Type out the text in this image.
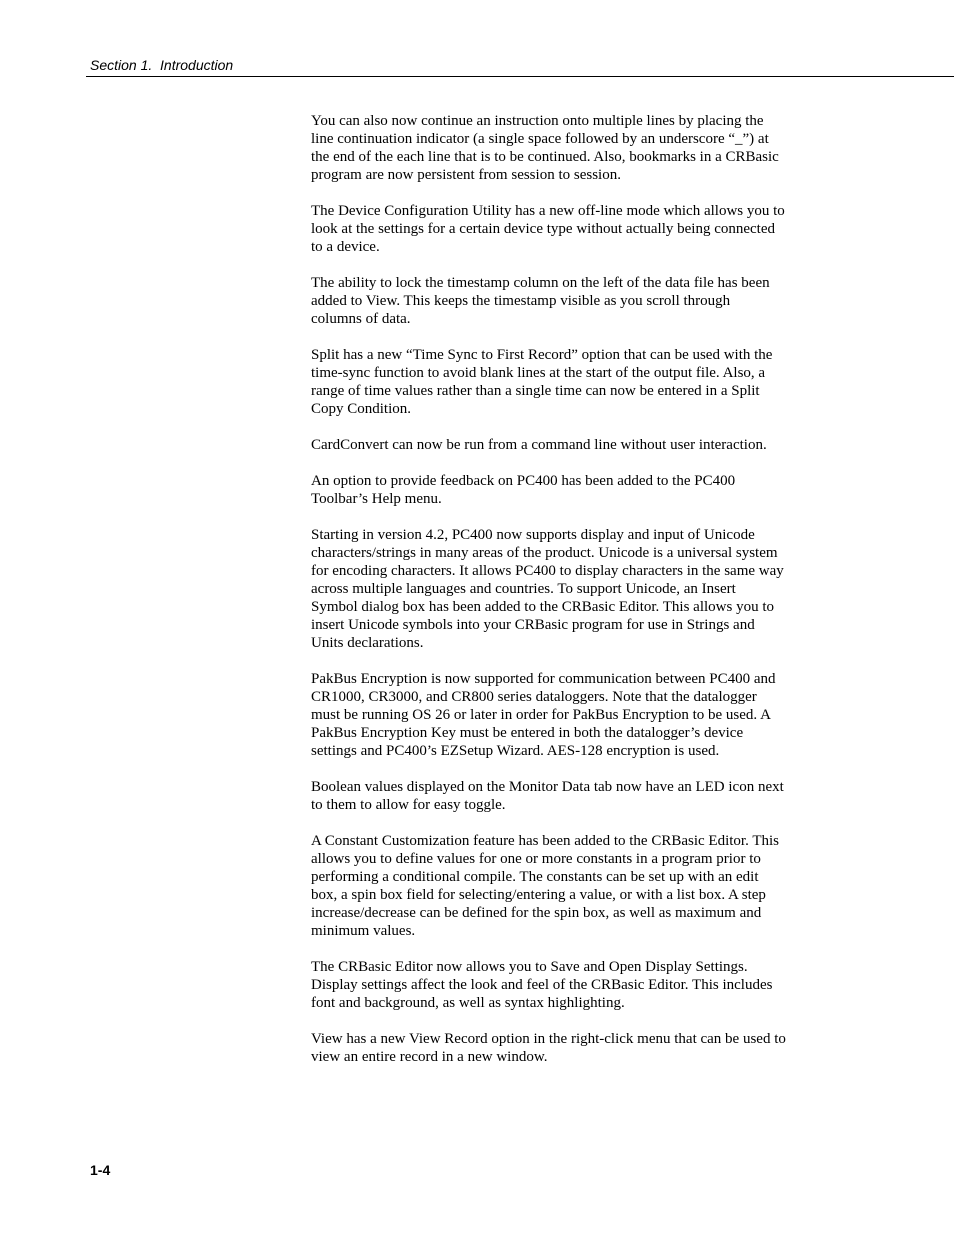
Section 1.  Introduction

You can also now continue an instruction onto multiple lines by placing the
line continuation indicator (a single space followed by an underscore “_”) at
the end of the each line that is to be continued. Also, bookmarks in a CRBasic
program are now persistent from session to session.

The Device Configuration Utility has a new off-line mode which allows you to
look at the settings for a certain device type without actually being connected
to a device.

The ability to lock the timestamp column on the left of the data file has been
added to View. This keeps the timestamp visible as you scroll through
columns of data.

Split has a new “Time Sync to First Record” option that can be used with the
time-sync function to avoid blank lines at the start of the output file. Also, a
range of time values rather than a single time can now be entered in a Split
Copy Condition.

CardConvert can now be run from a command line without user interaction.

An option to provide feedback on PC400 has been added to the PC400
Toolbar’s Help menu.

Starting in version 4.2, PC400 now supports display and input of Unicode
characters/strings in many areas of the product. Unicode is a universal system
for encoding characters. It allows PC400 to display characters in the same way
across multiple languages and countries. To support Unicode, an Insert
Symbol dialog box has been added to the CRBasic Editor. This allows you to
insert Unicode symbols into your CRBasic program for use in Strings and
Units declarations.

PakBus Encryption is now supported for communication between PC400 and
CR1000, CR3000, and CR800 series dataloggers. Note that the datalogger
must be running OS 26 or later in order for PakBus Encryption to be used. A
PakBus Encryption Key must be entered in both the datalogger’s device
settings and PC400’s EZSetup Wizard. AES-128 encryption is used.

Boolean values displayed on the Monitor Data tab now have an LED icon next
to them to allow for easy toggle.

A Constant Customization feature has been added to the CRBasic Editor. This
allows you to define values for one or more constants in a program prior to
performing a conditional compile. The constants can be set up with an edit
box, a spin box field for selecting/entering a value, or with a list box. A step
increase/decrease can be defined for the spin box, as well as maximum and
minimum values.

The CRBasic Editor now allows you to Save and Open Display Settings.
Display settings affect the look and feel of the CRBasic Editor. This includes
font and background, as well as syntax highlighting.

View has a new View Record option in the right-click menu that can be used to
view an entire record in a new window.

1-4
